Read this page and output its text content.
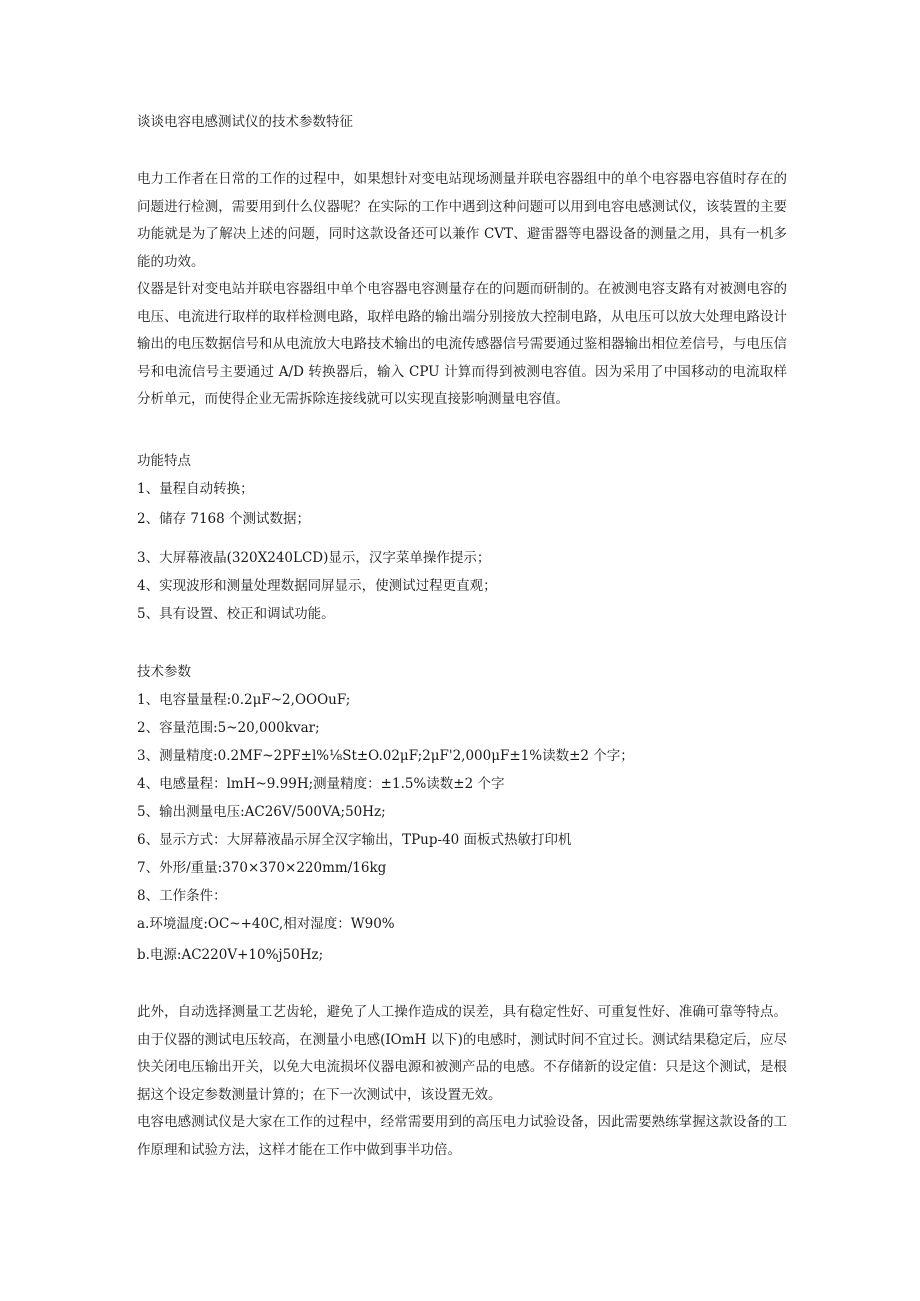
谈谈电容电感测试仪的技术参数特征

电力工作者在日常的工作的过程中，如果想针对变电站现场测量并联电容器组中的单个电容器电容值时存在的问题进行检测，需要用到什么仪器呢？在实际的工作中遇到这种问题可以用到电容电感测试仪，该装置的主要功能就是为了解决上述的问题，同时这款设备还可以兼作 CVT、避雷器等电器设备的测量之用，具有一机多能的功效。

仪器是针对变电站并联电容器组中单个电容器电容测量存在的问题而研制的。在被测电容支路有对被测电容的电压、电流进行取样的取样检测电路，取样电路的输出端分别接放大控制电路，从电压可以放大处理电路设计输出的电压数据信号和从电流放大电路技术输出的电流传感器信号需要通过鉴相器输出相位差信号，与电压信号和电流信号主要通过 A/D 转换器后，输入 CPU 计算而得到被测电容值。因为采用了中国移动的电流取样分析单元，而使得企业无需拆除连接线就可以实现直接影响测量电容值。

功能特点
1、量程自动转换；
2、储存 7168 个测试数据；
3、大屏幕液晶(320X240LCD)显示，汉字菜单操作提示；
4、实现波形和测量处理数据同屏显示，使测试过程更直观；
5、具有设置、校正和调试功能。
技术参数
1、电容量量程:0.2μF~2,OOOuF;
2、容量范围:5~20,000kvar;
3、测量精度:0.2MF~2PF±l%⅛St±O.02μF;2μF'2,000μF±1%读数±2 个字；
4、电感量程：lmH~9.99H;测量精度：±1.5%读数±2 个字
5、输出测量电压:AC26V/500VA;50Hz;
6、显示方式：大屏幕液晶示屏全汉字输出，TPup-40 面板式热敏打印机
7、外形/重量:370×370×220mm/16kg
8、工作条件：
a.环境温度:OC~+40C,相对湿度：W90%
b.电源:AC220V+10%j50Hz;

此外，自动选择测量工艺齿轮，避免了人工操作造成的误差，具有稳定性好、可重复性好、准确可靠等特点。由于仪器的测试电压较高，在测量小电感(IOmH 以下)的电感时，测试时间不宜过长。测试结果稳定后，应尽快关闭电压输出开关，以免大电流损坏仪器电源和被测产品的电感。不存储新的设定值：只是这个测试，是根据这个设定参数测量计算的；在下一次测试中，该设置无效。

电容电感测试仪是大家在工作的过程中，经常需要用到的高压电力试验设备，因此需要熟练掌握这款设备的工作原理和试验方法，这样才能在工作中做到事半功倍。
